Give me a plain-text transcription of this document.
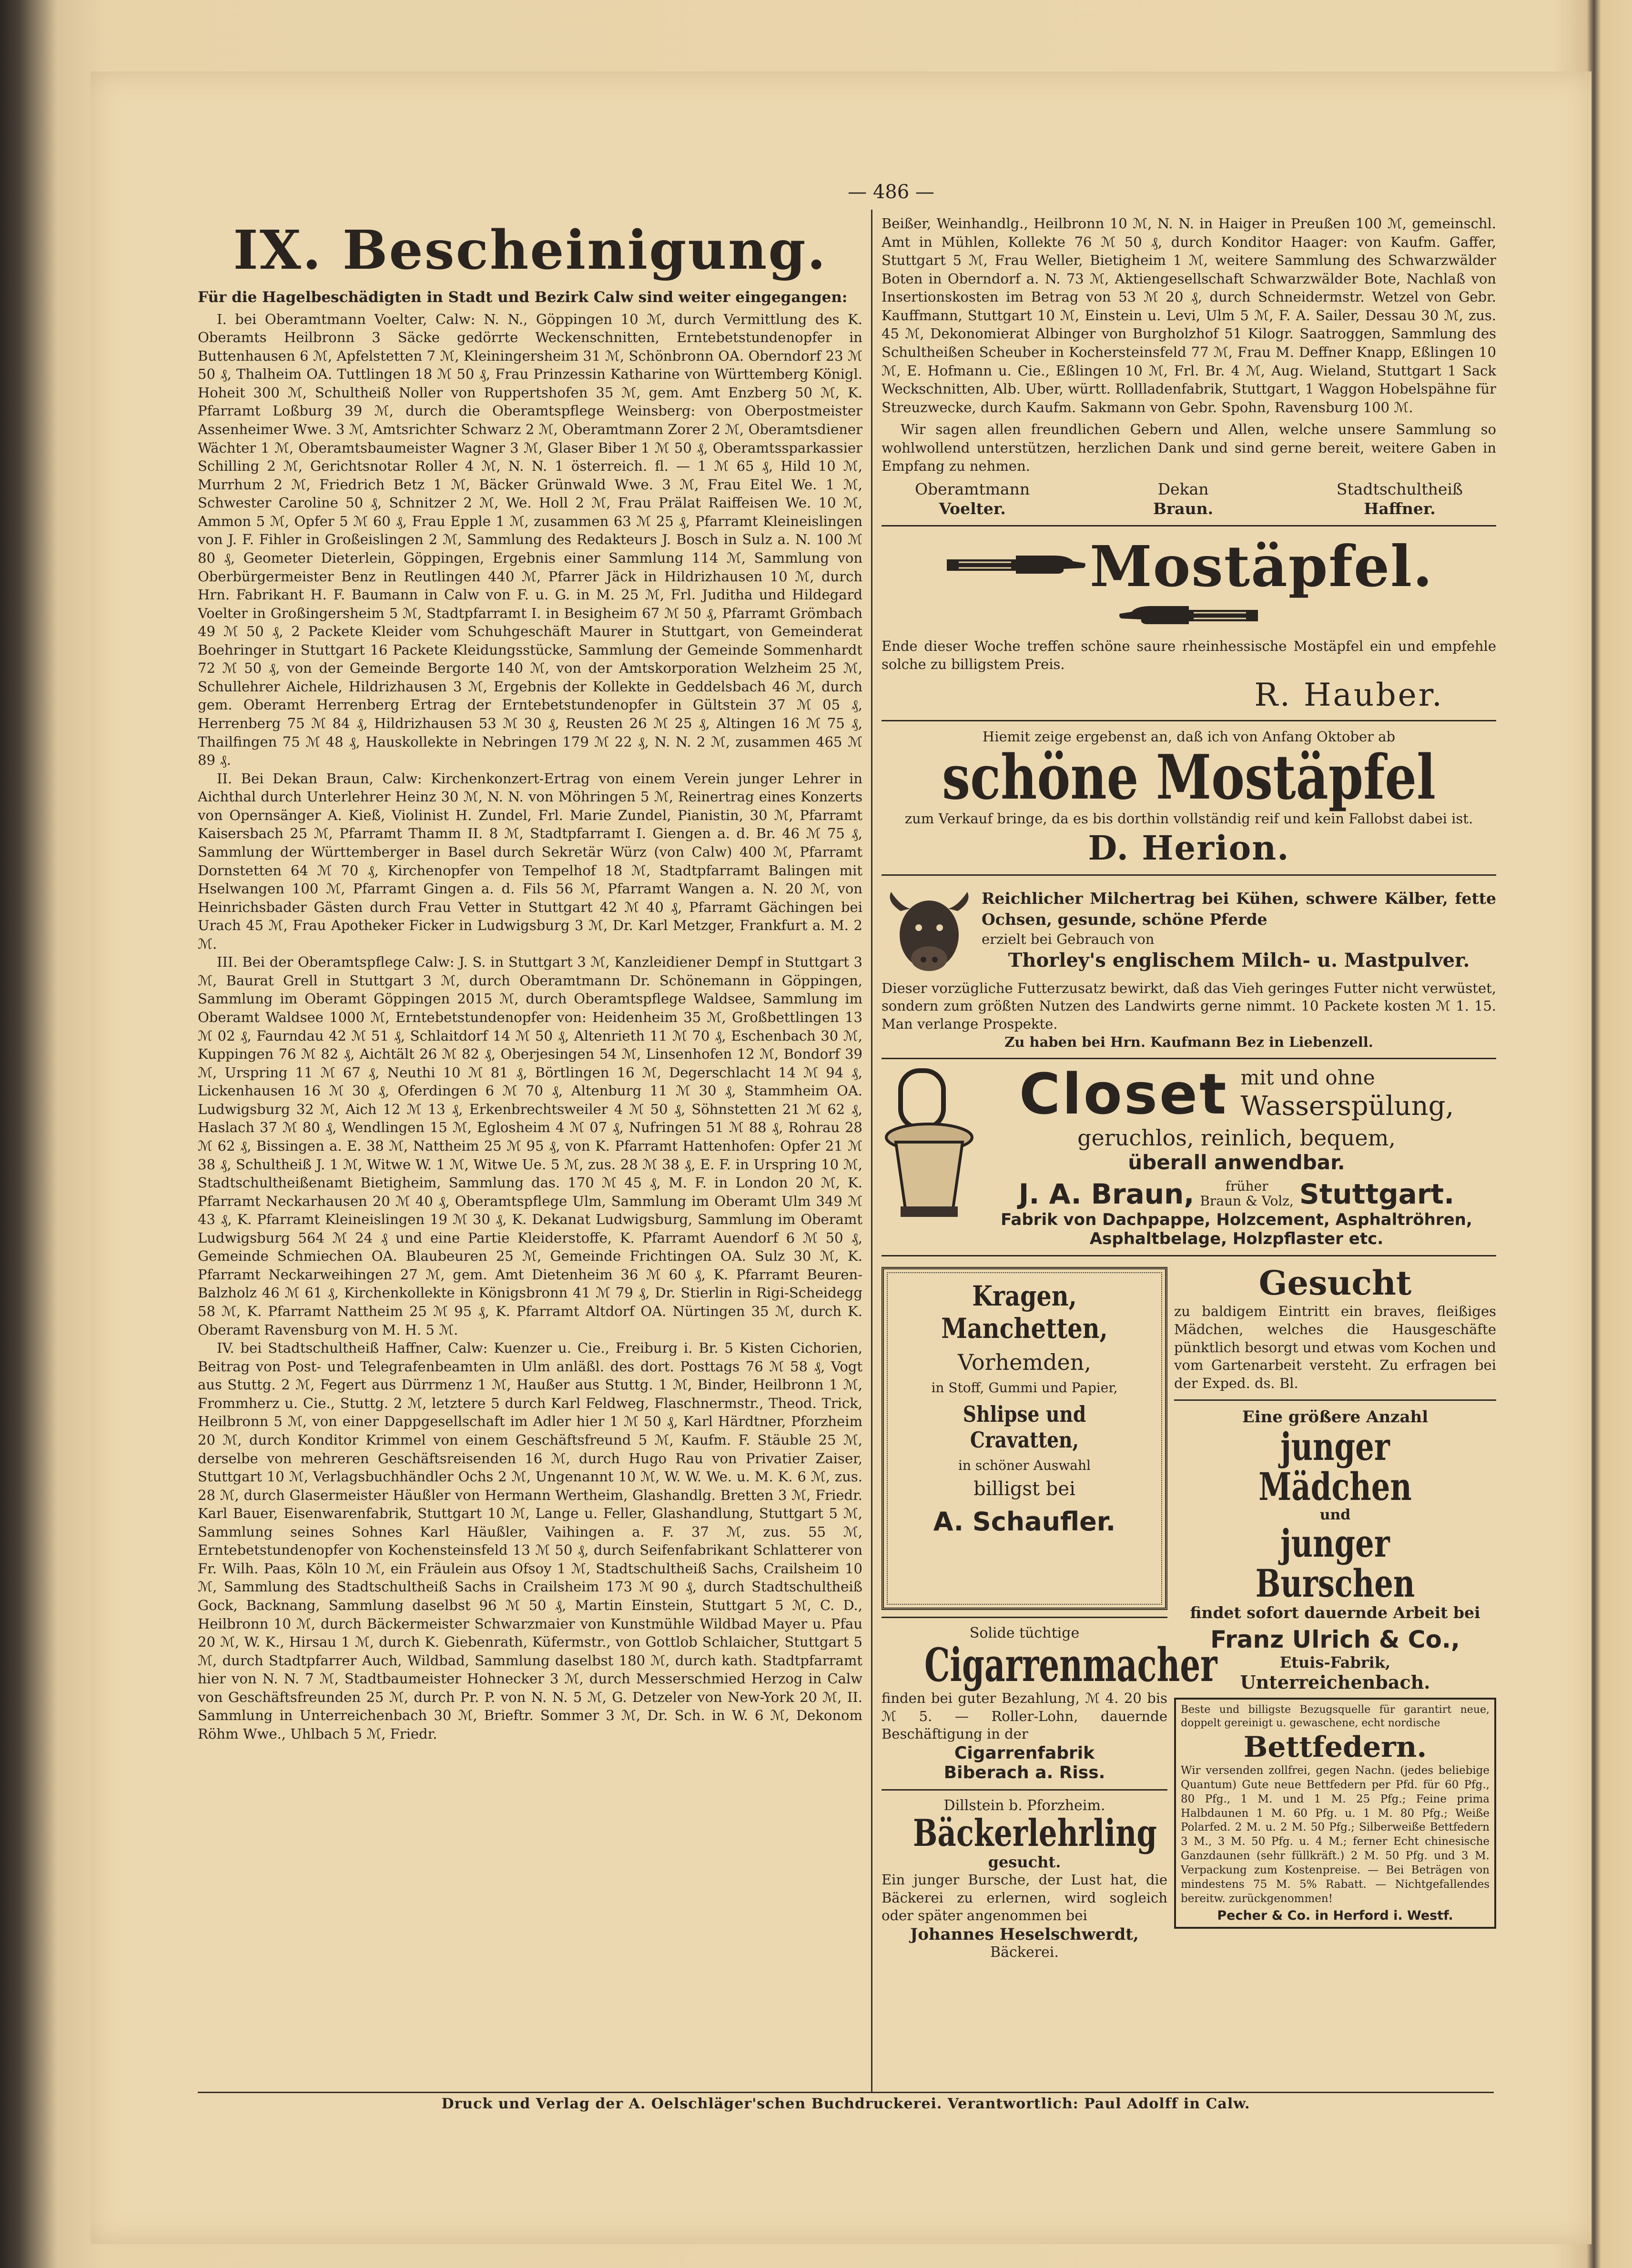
— 486 —
IX. Bescheinigung.
Für die Hagelbeschädigten in Stadt und Bezirk Calw sind weiter eingegangen:

I. bei Oberamtmann Voelter, Calw: N. N., Göppingen 10 ℳ, durch Vermittlung des K. Oberamts Heilbronn 3 Säcke gedörrte Weckenschnitten, Erntebetstundenopfer in Buttenhausen 6 ℳ, Apfelstetten 7 ℳ, Kleiningersheim 31 ℳ, Schönbronn OA. Oberndorf 23 ℳ 50 ₰, Thalheim OA. Tuttlingen 18 ℳ 50 ₰, Frau Prinzessin Katharine von Württemberg Königl. Hoheit 300 ℳ, Schultheiß Noller von Ruppertshofen 35 ℳ, gem. Amt Enzberg 50 ℳ, K. Pfarramt Loßburg 39 ℳ, durch die Oberamtspflege Weinsberg: von Oberpostmeister Assenheimer Wwe. 3 ℳ, Amtsrichter Schwarz 2 ℳ, Oberamtmann Zorer 2 ℳ, Oberamtsdiener Wächter 1 ℳ, Oberamtsbaumeister Wagner 3 ℳ, Glaser Biber 1 ℳ 50 ₰, Oberamtssparkassier Schilling 2 ℳ, Gerichtsnotar Roller 4 ℳ, N. N. 1 österreich. fl. — 1 ℳ 65 ₰, Hild 10 ℳ, Murrhum 2 ℳ, Friedrich Betz 1 ℳ, Bäcker Grünwald Wwe. 3 ℳ, Frau Eitel We. 1 ℳ, Schwester Caroline 50 ₰, Schnitzer 2 ℳ, We. Holl 2 ℳ, Frau Prälat Raiffeisen We. 10 ℳ, Ammon 5 ℳ, Opfer 5 ℳ 60 ₰, Frau Epple 1 ℳ, zusammen 63 ℳ 25 ₰, Pfarramt Kleineislingen von J. F. Fihler in Großeislingen 2 ℳ, Sammlung des Redakteurs J. Bosch in Sulz a. N. 100 ℳ 80 ₰, Geometer Dieterlein, Göppingen, Ergebnis einer Sammlung 114 ℳ, Sammlung von Oberbürgermeister Benz in Reutlingen 440 ℳ, Pfarrer Jäck in Hildrizhausen 10 ℳ, durch Hrn. Fabrikant H. F. Baumann in Calw von F. u. G. in M. 25 ℳ, Frl. Juditha und Hildegard Voelter in Großingersheim 5 ℳ, Stadtpfarramt I. in Besigheim 67 ℳ 50 ₰, Pfarramt Grömbach 49 ℳ 50 ₰, 2 Packete Kleider vom Schuhgeschäft Maurer in Stuttgart, von Gemeinderat Boehringer in Stuttgart 16 Packete Kleidungsstücke, Sammlung der Gemeinde Sommenhardt 72 ℳ 50 ₰, von der Gemeinde Bergorte 140 ℳ, von der Amtskorporation Welzheim 25 ℳ, Schullehrer Aichele, Hildrizhausen 3 ℳ, Ergebnis der Kollekte in Geddelsbach 46 ℳ, durch gem. Oberamt Herrenberg Ertrag der Erntebetstundenopfer in Gültstein 37 ℳ 05 ₰, Herrenberg 75 ℳ 84 ₰, Hildrizhausen 53 ℳ 30 ₰, Reusten 26 ℳ 25 ₰, Altingen 16 ℳ 75 ₰, Thailfingen 75 ℳ 48 ₰, Hauskollekte in Nebringen 179 ℳ 22 ₰, N. N. 2 ℳ, zusammen 465 ℳ 89 ₰.

II. Bei Dekan Braun, Calw: Kirchenkonzert-Ertrag von einem Verein junger Lehrer in Aichthal durch Unterlehrer Heinz 30 ℳ, N. N. von Möhringen 5 ℳ, Reinertrag eines Konzerts von Opernsänger A. Kieß, Violinist H. Zundel, Frl. Marie Zundel, Pianistin, 30 ℳ, Pfarramt Kaisersbach 25 ℳ, Pfarramt Thamm II. 8 ℳ, Stadtpfarramt I. Giengen a. d. Br. 46 ℳ 75 ₰, Sammlung der Württemberger in Basel durch Sekretär Würz (von Calw) 400 ℳ, Pfarramt Dornstetten 64 ℳ 70 ₰, Kirchenopfer von Tempelhof 18 ℳ, Stadtpfarramt Balingen mit Hselwangen 100 ℳ, Pfarramt Gingen a. d. Fils 56 ℳ, Pfarramt Wangen a. N. 20 ℳ, von Heinrichsbader Gästen durch Frau Vetter in Stuttgart 42 ℳ 40 ₰, Pfarramt Gächingen bei Urach 45 ℳ, Frau Apotheker Ficker in Ludwigsburg 3 ℳ, Dr. Karl Metzger, Frankfurt a. M. 2 ℳ.

III. Bei der Oberamtspflege Calw: J. S. in Stuttgart 3 ℳ, Kanzleidiener Dempf in Stuttgart 3 ℳ, Baurat Grell in Stuttgart 3 ℳ, durch Oberamtmann Dr. Schönemann in Göppingen, Sammlung im Oberamt Göppingen 2015 ℳ, durch Oberamtspflege Waldsee, Sammlung im Oberamt Waldsee 1000 ℳ, Erntebetstundenopfer von: Heidenheim 35 ℳ, Großbettlingen 13 ℳ 02 ₰, Faurndau 42 ℳ 51 ₰, Schlaitdorf 14 ℳ 50 ₰, Altenrieth 11 ℳ 70 ₰, Eschenbach 30 ℳ, Kuppingen 76 ℳ 82 ₰, Aichtält 26 ℳ 82 ₰, Oberjesingen 54 ℳ, Linsenhofen 12 ℳ, Bondorf 39 ℳ, Urspring 11 ℳ 67 ₰, Neuthi 10 ℳ 81 ₰, Börtlingen 16 ℳ, Degerschlacht 14 ℳ 94 ₰, Lickenhausen 16 ℳ 30 ₰, Oferdingen 6 ℳ 70 ₰, Altenburg 11 ℳ 30 ₰, Stammheim OA. Ludwigsburg 32 ℳ, Aich 12 ℳ 13 ₰, Erkenbrechtsweiler 4 ℳ 50 ₰, Söhnstetten 21 ℳ 62 ₰, Haslach 37 ℳ 80 ₰, Wendlingen 15 ℳ, Eglosheim 4 ℳ 07 ₰, Nufringen 51 ℳ 88 ₰, Rohrau 28 ℳ 62 ₰, Bissingen a. E. 38 ℳ, Nattheim 25 ℳ 95 ₰, von K. Pfarramt Hattenhofen: Opfer 21 ℳ 38 ₰, Schultheiß J. 1 ℳ, Witwe W. 1 ℳ, Witwe Ue. 5 ℳ, zus. 28 ℳ 38 ₰, E. F. in Urspring 10 ℳ, Stadtschultheißenamt Bietigheim, Sammlung das. 170 ℳ 45 ₰, M. F. in London 20 ℳ, K. Pfarramt Neckarhausen 20 ℳ 40 ₰, Oberamtspflege Ulm, Sammlung im Oberamt Ulm 349 ℳ 43 ₰, K. Pfarramt Kleineislingen 19 ℳ 30 ₰, K. Dekanat Ludwigsburg, Sammlung im Oberamt Ludwigsburg 564 ℳ 24 ₰ und eine Partie Kleiderstoffe, K. Pfarramt Auendorf 6 ℳ 50 ₰, Gemeinde Schmiechen OA. Blaubeuren 25 ℳ, Gemeinde Frichtingen OA. Sulz 30 ℳ, K. Pfarramt Neckarweihingen 27 ℳ, gem. Amt Dietenheim 36 ℳ 60 ₰, K. Pfarramt Beuren-Balzholz 46 ℳ 61 ₰, Kirchenkollekte in Königsbronn 41 ℳ 79 ₰, Dr. Stierlin in Rigi-Scheidegg 58 ℳ, K. Pfarramt Nattheim 25 ℳ 95 ₰, K. Pfarramt Altdorf OA. Nürtingen 35 ℳ, durch K. Oberamt Ravensburg von M. H. 5 ℳ.

IV. bei Stadtschultheiß Haffner, Calw: Kuenzer u. Cie., Freiburg i. Br. 5 Kisten Cichorien, Beitrag von Post- und Telegrafenbeamten in Ulm anläßl. des dort. Posttags 76 ℳ 58 ₰, Vogt aus Stuttg. 2 ℳ, Fegert aus Dürrmenz 1 ℳ, Haußer aus Stuttg. 1 ℳ, Binder, Heilbronn 1 ℳ, Frommherz u. Cie., Stuttg. 2 ℳ, letztere 5 durch Karl Feldweg, Flaschnermstr., Theod. Trick, Heilbronn 5 ℳ, von einer Dappgesellschaft im Adler hier 1 ℳ 50 ₰, Karl Härdtner, Pforzheim 20 ℳ, durch Konditor Krimmel von einem Geschäftsfreund 5 ℳ, Kaufm. F. Stäuble 25 ℳ, derselbe von mehreren Geschäftsreisenden 16 ℳ, durch Hugo Rau von Privatier Zaiser, Stuttgart 10 ℳ, Verlagsbuchhändler Ochs 2 ℳ, Ungenannt 10 ℳ, W. W. We. u. M. K. 6 ℳ, zus. 28 ℳ, durch Glasermeister Häußler von Hermann Wertheim, Glashandlg. Bretten 3 ℳ, Friedr. Karl Bauer, Eisenwarenfabrik, Stuttgart 10 ℳ, Lange u. Feller, Glashandlung, Stuttgart 5 ℳ, Sammlung seines Sohnes Karl Häußler, Vaihingen a. F. 37 ℳ, zus. 55 ℳ, Erntebetstundenopfer von Kochensteinsfeld 13 ℳ 50 ₰, durch Seifenfabrikant Schlatterer von Fr. Wilh. Paas, Köln 10 ℳ, ein Fräulein aus Ofsoy 1 ℳ, Stadtschultheiß Sachs, Crailsheim 10 ℳ, Sammlung des Stadtschultheiß Sachs in Crailsheim 173 ℳ 90 ₰, durch Stadtschultheiß Gock, Backnang, Sammlung daselbst 96 ℳ 50 ₰, Martin Einstein, Stuttgart 5 ℳ, C. D., Heilbronn 10 ℳ, durch Bäckermeister Schwarzmaier von Kunstmühle Wildbad Mayer u. Pfau 20 ℳ, W. K., Hirsau 1 ℳ, durch K. Giebenrath, Küfermstr., von Gottlob Schlaicher, Stuttgart 5 ℳ, durch Stadtpfarrer Auch, Wildbad, Sammlung daselbst 180 ℳ, durch kath. Stadtpfarramt hier von N. N. 7 ℳ, Stadtbaumeister Hohnecker 3 ℳ, durch Messerschmied Herzog in Calw von Geschäftsfreunden 25 ℳ, durch Pr. P. von N. N. 5 ℳ, G. Detzeler von New-York 20 ℳ, II. Sammlung in Unterreichenbach 30 ℳ, Brieftr. Sommer 3 ℳ, Dr. Sch. in W. 6 ℳ, Dekonom Röhm Wwe., Uhlbach 5 ℳ, Friedr.

Beißer, Weinhandlg., Heilbronn 10 ℳ, N. N. in Haiger in Preußen 100 ℳ, gemeinschl. Amt in Mühlen, Kollekte 76 ℳ 50 ₰, durch Konditor Haager: von Kaufm. Gaffer, Stuttgart 5 ℳ, Frau Weller, Bietigheim 1 ℳ, weitere Sammlung des Schwarzwälder Boten in Oberndorf a. N. 73 ℳ, Aktiengesellschaft Schwarzwälder Bote, Nachlaß von Insertionskosten im Betrag von 53 ℳ 20 ₰, durch Schneidermstr. Wetzel von Gebr. Kauffmann, Stuttgart 10 ℳ, Einstein u. Levi, Ulm 5 ℳ, F. A. Sailer, Dessau 30 ℳ, zus. 45 ℳ, Dekonomierat Albinger von Burgholzhof 51 Kilogr. Saatroggen, Sammlung des Schultheißen Scheuber in Kochersteinsfeld 77 ℳ, Frau M. Deffner Knapp, Eßlingen 10 ℳ, E. Hofmann u. Cie., Eßlingen 10 ℳ, Frl. Br. 4 ℳ, Aug. Wieland, Stuttgart 1 Sack Weckschnitten, Alb. Uber, württ. Rollladenfabrik, Stuttgart, 1 Waggon Hobelspähne für Streuzwecke, durch Kaufm. Sakmann von Gebr. Spohn, Ravensburg 100 ℳ.

Wir sagen allen freundlichen Gebern und Allen, welche unsere Sammlung so wohlwollend unterstützen, herzlichen Dank und sind gerne bereit, weitere Gaben in Empfang zu nehmen.

Oberamtmann
Voelter.
Dekan
Braun.
Stadtschultheiß
Haffner.
Mostäpfel.
Ende dieser Woche treffen schöne saure rheinhessische Mostäpfel ein und empfehle solche zu billigstem Preis.
R. Hauber.
Hiemit zeige ergebenst an, daß ich von Anfang Oktober ab
schöne Mostäpfel
zum Verkauf bringe, da es bis dorthin vollständig reif und kein Fallobst dabei ist.
D. Herion.
Reichlicher Milchertrag bei Kühen, schwere Kälber, fette Ochsen, gesunde, schöne Pferde
erzielt bei Gebrauch von
Thorley's englischem Milch- u. Mastpulver.
Dieser vorzügliche Futterzusatz bewirkt, daß das Vieh geringes Futter nicht verwüstet, sondern zum größten Nutzen des Landwirts gerne nimmt. 10 Packete kosten ℳ 1. 15. Man verlange Prospekte.
Zu haben bei Hrn. Kaufmann Bez in Liebenzell.
Closet mit und ohne
Wasserspülung,
geruchlos, reinlich, bequem,
überall anwendbar.
J. A. Braun,	früher
Braun & Volz, Stuttgart.
Fabrik von Dachpappe, Holzcement, Asphaltröhren,
Asphaltbelage, Holzpflaster etc.
Kragen, Manchetten,
Vorhemden,
in Stoff, Gummi und Papier,
Shlipse und Cravatten,
in schöner Auswahl
billigst bei
A. Schaufler.
Solide tüchtige
Cigarrenmacher
finden bei guter Bezahlung, ℳ 4. 20 bis ℳ 5. — Roller-Lohn, dauernde Beschäftigung in der
Cigarrenfabrik
Biberach a. Riss.
Dillstein b. Pforzheim.
Bäckerlehrling
gesucht.
Ein junger Bursche, der Lust hat, die Bäckerei zu erlernen, wird sogleich oder später angenommen bei
Johannes Heselschwerdt,
Bäckerei.
Gesucht
zu baldigem Eintritt ein braves, fleißiges Mädchen, welches die Hausgeschäfte pünktlich besorgt und etwas vom Kochen und vom Gartenarbeit versteht. Zu erfragen bei der Exped. ds. Bl.
Eine größere Anzahl
junger Mädchen
und
junger Burschen
findet sofort dauernde Arbeit bei
Franz Ulrich & Co.,
Etuis-Fabrik,
Unterreichenbach.
Beste und billigste Bezugsquelle für garantirt neue, doppelt gereinigt u. gewaschene, echt nordische
Bettfedern.
Wir versenden zollfrei, gegen Nachn. (jedes beliebige Quantum) Gute neue Bettfedern per Pfd. für 60 Pfg., 80 Pfg., 1 M. und 1 M. 25 Pfg.; Feine prima Halbdaunen 1 M. 60 Pfg. u. 1 M. 80 Pfg.; Weiße Polarfed. 2 M. u. 2 M. 50 Pfg.; Silberweiße Bettfedern 3 M., 3 M. 50 Pfg. u. 4 M.; ferner Echt chinesische Ganzdaunen (sehr füllkräft.) 2 M. 50 Pfg. und 3 M. Verpackung zum Kostenpreise. — Bei Beträgen von mindestens 75 M. 5% Rabatt. — Nichtgefallendes bereitw. zurückgenommen!
Pecher & Co. in Herford i. Westf.
Druck und Verlag der A. Oelschläger'schen Buchdruckerei. Verantwortlich: Paul Adolff in Calw.
